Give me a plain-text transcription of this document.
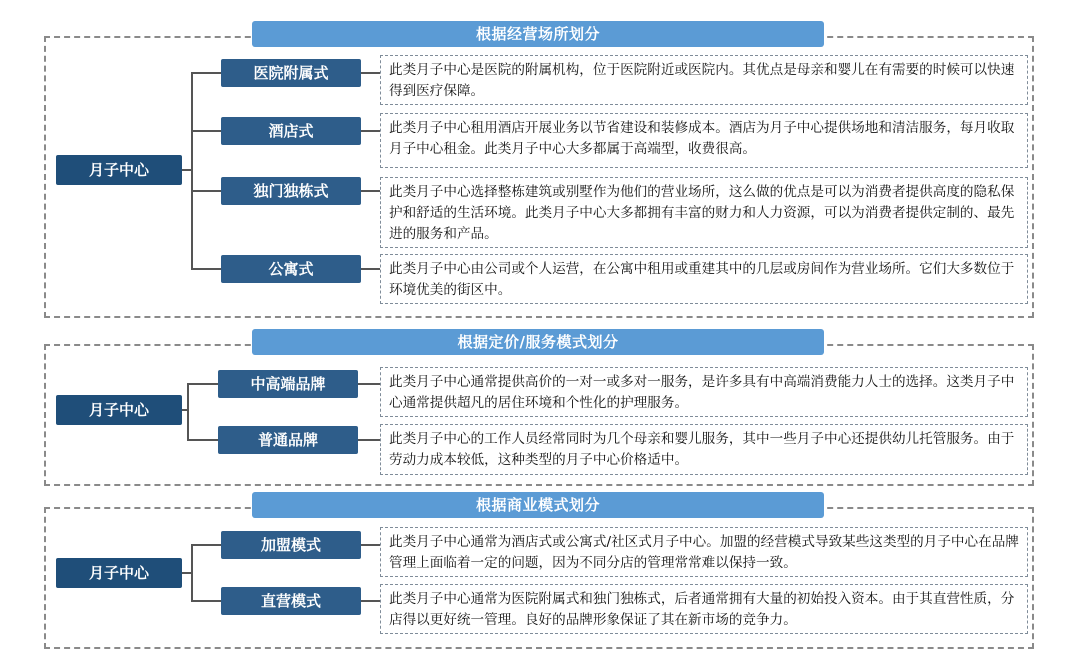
根据经营场所划分
月子中心
医院附属式
酒店式
独门独栋式
公寓式
此类月子中心是医院的附属机构，位于医院附近或医院内。其优点是母亲和婴儿在有需要的时候可以快速得到医疗保障。
此类月子中心租用酒店开展业务以节省建设和装修成本。酒店为月子中心提供场地和清洁服务，每月收取月子中心租金。此类月子中心大多都属于高端型，收费很高。
此类月子中心选择整栋建筑或别墅作为他们的营业场所，这么做的优点是可以为消费者提供高度的隐私保护和舒适的生活环境。此类月子中心大多都拥有丰富的财力和人力资源，可以为消费者提供定制的、最先进的服务和产品。
此类月子中心由公司或个人运营，在公寓中租用或重建其中的几层或房间作为营业场所。它们大多数位于环境优美的街区中。
根据定价/服务模式划分
月子中心
中高端品牌
普通品牌
此类月子中心通常提供高价的一对一或多对一服务，是许多具有中高端消费能力人士的选择。这类月子中心通常提供超凡的居住环境和个性化的护理服务。
此类月子中心的工作人员经常同时为几个母亲和婴儿服务，其中一些月子中心还提供幼儿托管服务。由于劳动力成本较低，这种类型的月子中心价格适中。
根据商业模式划分
月子中心
加盟模式
直营模式
此类月子中心通常为酒店式或公寓式/社区式月子中心。加盟的经营模式导致某些这类型的月子中心在品牌管理上面临着一定的问题，因为不同分店的管理常常难以保持一致。
此类月子中心通常为医院附属式和独门独栋式，后者通常拥有大量的初始投入资本。由于其直营性质，分店得以更好统一管理。良好的品牌形象保证了其在新市场的竞争力。
